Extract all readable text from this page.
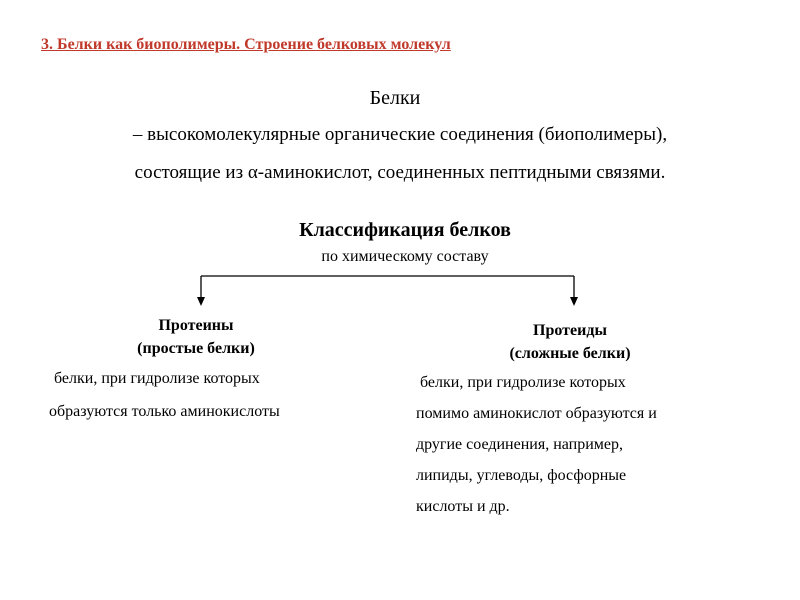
3. Белки как биополимеры. Строение белковых молекул
Белки
– высокомолекулярные органические соединения (биополимеры),
состоящие из α-аминокислот, соединенных пептидными связями.
Классификация белков
по химическому составу
Протеины
(простые белки)
белки, при гидролизе которых
образуются только аминокислоты
Протеиды
(сложные белки)
белки, при гидролизе которых
помимо аминокислот образуются и
другие соединения, например,
липиды, углеводы, фосфорные
кислоты и др.
